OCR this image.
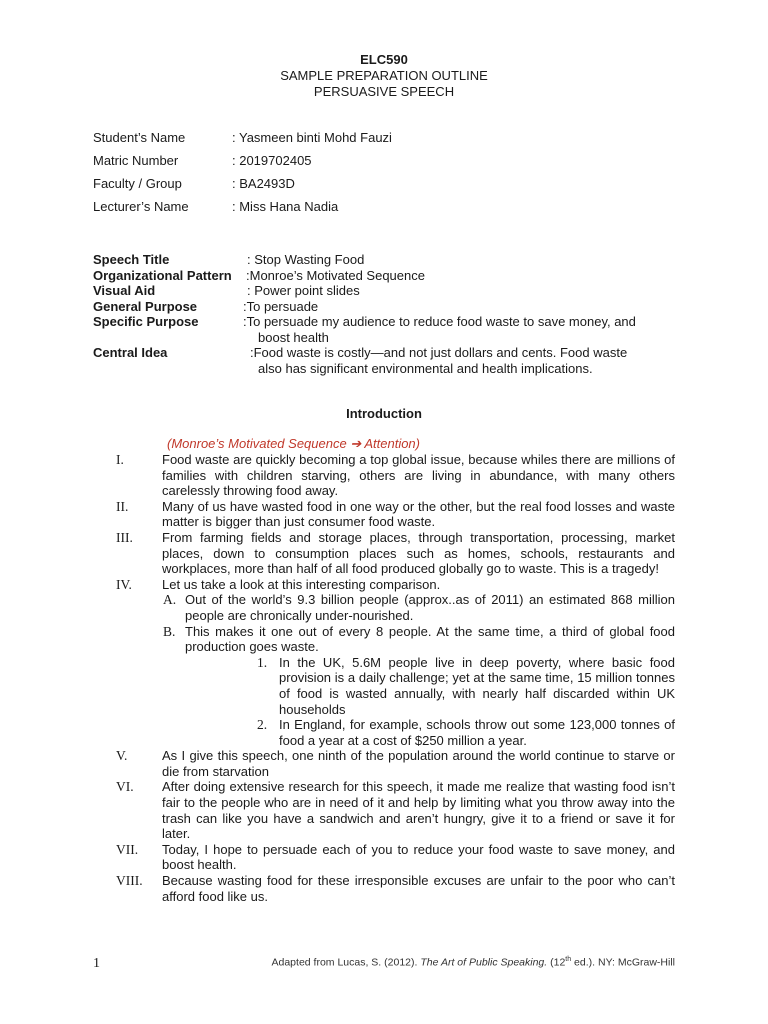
ELC590
SAMPLE PREPARATION OUTLINE
PERSUASIVE SPEECH
Student’s Name	: Yasmeen binti Mohd Fauzi
Matric Number	: 2019702405
Faculty / Group	: BA2493D
Lecturer’s Name	: Miss Hana Nadia
Speech Title	: Stop Wasting Food
Organizational Pattern	:Monroe’s Motivated Sequence
Visual Aid	: Power point slides
General Purpose	:To persuade
Specific Purpose	:To persuade my audience to reduce food waste to save money, and
boost health
Central Idea	:Food waste is costly—and not just dollars and cents. Food waste
also has significant environmental and health implications.
Introduction
(Monroe’s Motivated Sequence ➔ Attention)
I.	Food waste are quickly becoming a top global issue, because whiles there are millions of families with children starving, others are living in abundance, with many others carelessly throwing food away.
II.	Many of us have wasted food in one way or the other, but the real food losses and waste matter is bigger than just consumer food waste.
III. From farming fields and storage places, through transportation, processing, market places, down to consumption places such as homes, schools, restaurants and workplaces, more than half of all food produced globally go to waste. This is a tragedy!
IV. Let us take a look at this interesting comparison.
A. Out of the world’s 9.3 billion people (approx..as of 2011) an estimated 868 million people are chronically under-nourished.
B. This makes it one out of every 8 people. At the same time, a third of global food production goes waste.
1. In the UK, 5.6M people live in deep poverty, where basic food provision is a daily challenge; yet at the same time, 15 million tonnes of food is wasted annually, with nearly half discarded within UK households
2. In England, for example, schools throw out some 123,000 tonnes of food a year at a cost of $250 million a year.
V.	As I give this speech, one ninth of the population around the world continue to starve or die from starvation
VI. After doing extensive research for this speech, it made me realize that wasting food isn’t fair to the people who are in need of it and help by limiting what you throw away into the trash can like you have a sandwich and aren’t hungry, give it to a friend or save it for later.
VII. Today, I hope to persuade each of you to reduce your food waste to save money, and boost health.
VIII. Because wasting food for these irresponsible excuses are unfair to the poor who can’t afford food like us.
1	Adapted from Lucas, S. (2012). The Art of Public Speaking. (12th ed.). NY: McGraw-Hill
